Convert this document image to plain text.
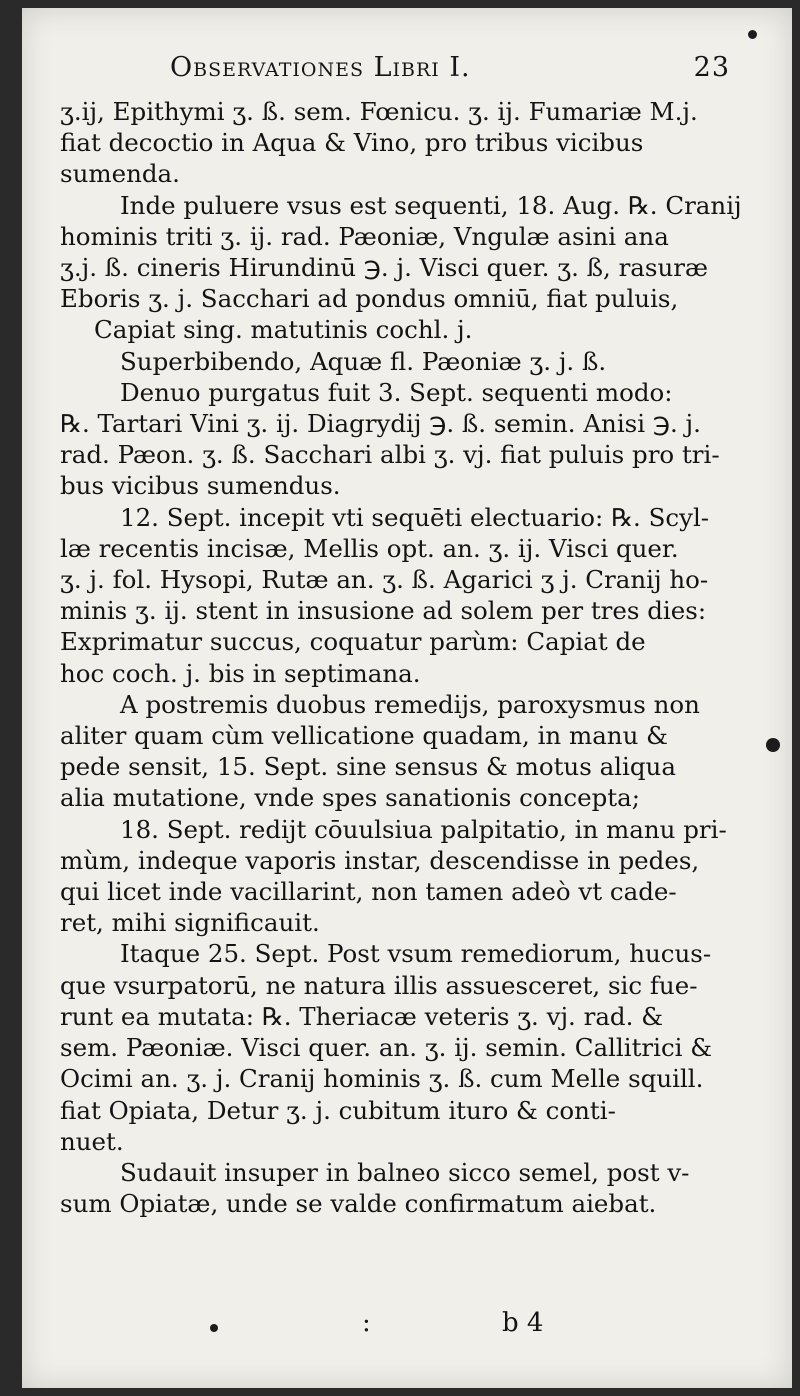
Observationes Libri I.	23
ʒ.ij, Epithymi ʒ. ß. sem. Fœnicu. ʒ. ij. Fumariæ M.j.
fiat decoctio in Aqua & Vino, pro tribus vicibus
sumenda.
Inde puluere vsus est sequenti, 18. Aug. ℞. Cranij
hominis triti ʒ. ij. rad. Pæoniæ, Vngulæ asini ana
ʒ.j. ß. cineris Hirundinū ℈. j. Visci quer. ʒ. ß, rasuræ
Eboris ʒ. j. Sacchari ad pondus omniū, fiat puluis,
Capiat sing. matutinis cochl. j.
Superbibendo, Aquæ fl. Pæoniæ ʒ. j. ß.
Denuo purgatus fuit 3. Sept. sequenti modo:
℞. Tartari Vini ʒ. ij. Diagrydij ℈. ß. semin. Anisi ℈. j.
rad. Pæon. ʒ. ß. Sacchari albi ʒ. vj. fiat puluis pro tri-
bus vicibus sumendus.
12. Sept. incepit vti sequēti electuario: ℞. Scyl-
læ recentis incisæ, Mellis opt. an. ʒ. ij. Visci quer.
ʒ. j. fol. Hysopi, Rutæ an. ʒ. ß. Agarici ʒ j. Cranij ho-
minis ʒ. ij. stent in insusione ad solem per tres dies:
Exprimatur succus, coquatur parùm: Capiat de
hoc coch. j. bis in septimana.
A postremis duobus remedijs, paroxysmus non
aliter quam cùm vellicatione quadam, in manu &
pede sensit, 15. Sept. sine sensus & motus aliqua
alia mutatione, vnde spes sanationis concepta;
18. Sept. redijt cōuulsiua palpitatio, in manu pri-
mùm, indeque vaporis instar, descendisse in pedes,
qui licet inde vacillarint, non tamen adeò vt cade-
ret, mihi significauit.
Itaque 25. Sept. Post vsum remediorum, hucus-
que vsurpatorū, ne natura illis assuesceret, sic fue-
runt ea mutata: ℞. Theriacæ veteris ʒ. vj. rad. &
sem. Pæoniæ. Visci quer. an. ʒ. ij. semin. Callitrici &
Ocimi an. ʒ. j. Cranij hominis ʒ. ß. cum Melle squill.
fiat Opiata, Detur ʒ. j. cubitum ituro & conti-
nuet.
Sudauit insuper in balneo sicco semel, post v-
sum Opiatæ, unde se valde confirmatum aiebat.
:	b 4
